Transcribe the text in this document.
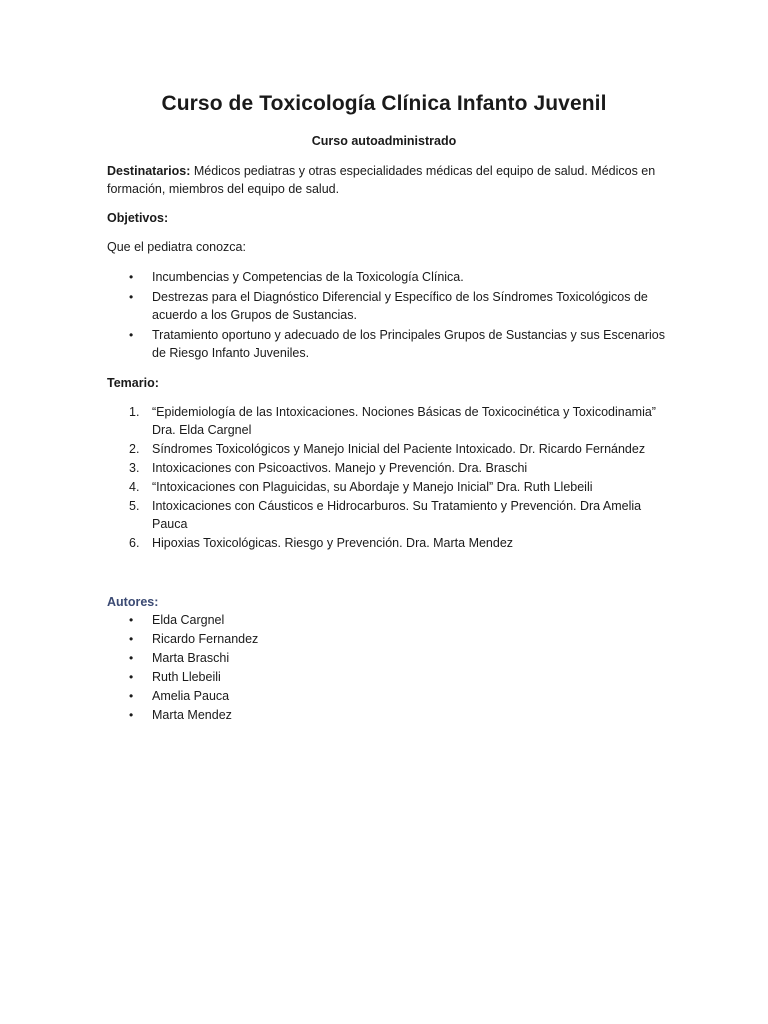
Curso de Toxicología Clínica Infanto Juvenil
Curso autoadministrado
Destinatarios: Médicos pediatras y otras especialidades médicas del equipo de salud. Médicos en formación, miembros del equipo de salud.
Objetivos:
Que el pediatra conozca:
• Incumbencias y Competencias de la Toxicología Clínica.
• Destrezas para el Diagnóstico Diferencial y Específico de los Síndromes Toxicológicos de acuerdo a los Grupos de Sustancias.
• Tratamiento oportuno y adecuado de los Principales Grupos de Sustancias y sus Escenarios de Riesgo Infanto Juveniles.
Temario:
1. “Epidemiología de las Intoxicaciones. Nociones Básicas de Toxicocinética y Toxicodinamia” Dra. Elda Cargnel
2. Síndromes Toxicológicos y Manejo Inicial del Paciente Intoxicado. Dr. Ricardo Fernández
3. Intoxicaciones con Psicoactivos. Manejo y Prevención. Dra. Braschi
4. “Intoxicaciones con Plaguicidas, su Abordaje y Manejo Inicial” Dra. Ruth Llebeili
5. Intoxicaciones con Cáusticos e Hidrocarburos. Su Tratamiento y Prevención. Dra Amelia Pauca
6. Hipoxias Toxicológicas. Riesgo y Prevención. Dra. Marta Mendez
Autores:
• Elda Cargnel
• Ricardo Fernandez
• Marta Braschi
• Ruth Llebeili
• Amelia Pauca
• Marta Mendez
